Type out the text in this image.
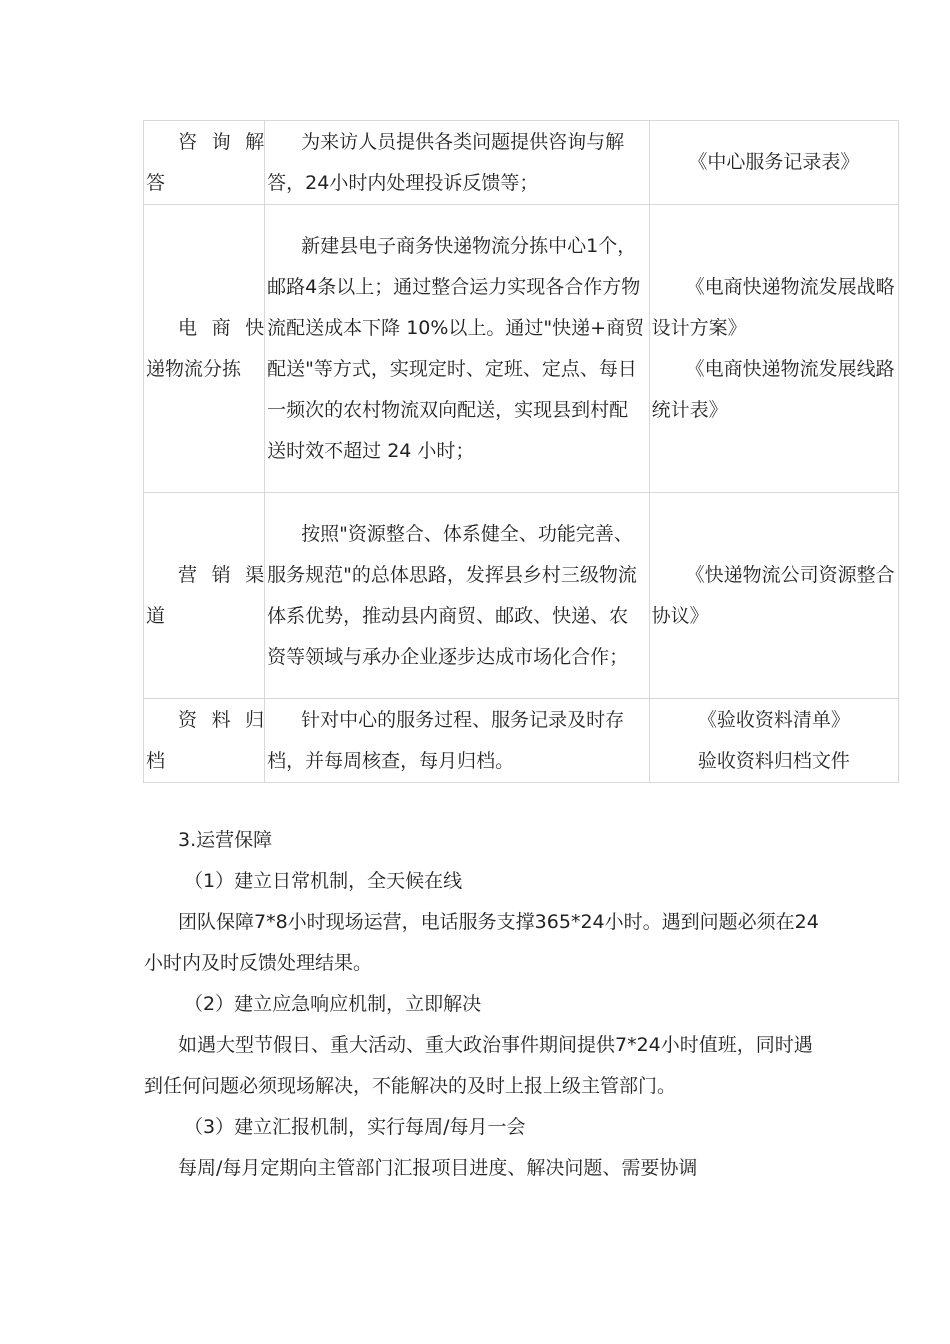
咨 询 解
答	为来访人员提供各类问题提供咨询与解答，24小时内处理投诉反馈等；	《中心服务记录表》

电 商 快
递物流分拣	新建县电子商务快递物流分拣中心1个，邮路4条以上；通过整合运力实现各合作方物流配送成本下降 10%以上。通过"快递+商贸配送"等方式，实现定时、定班、定点、每日一频次的农村物流双向配送，实现县到村配送时效不超过 24 小时；	《电商快递物流发展战略设计方案》
《电商快递物流发展线路统计表》

营 销 渠
道	按照"资源整合、体系健全、功能完善、服务规范"的总体思路，发挥县乡村三级物流体系优势，推动县内商贸、邮政、快递、农资等领域与承办企业逐步达成市场化合作；	《快递物流公司资源整合协议》

资 料 归
档	针对中心的服务过程、服务记录及时存档，并每周核查，每月归档。	《验收资料清单》
验收资料归档文件

3.运营保障

（1）建立日常机制，全天候在线

团队保障7*8小时现场运营，电话服务支撑365*24小时。遇到问题必须在24小时内及时反馈处理结果。

（2）建立应急响应机制，立即解决

如遇大型节假日、重大活动、重大政治事件期间提供7*24小时值班，同时遇到任何问题必须现场解决，不能解决的及时上报上级主管部门。

（3）建立汇报机制，实行每周/每月一会

每周/每月定期向主管部门汇报项目进度、解决问题、需要协调
